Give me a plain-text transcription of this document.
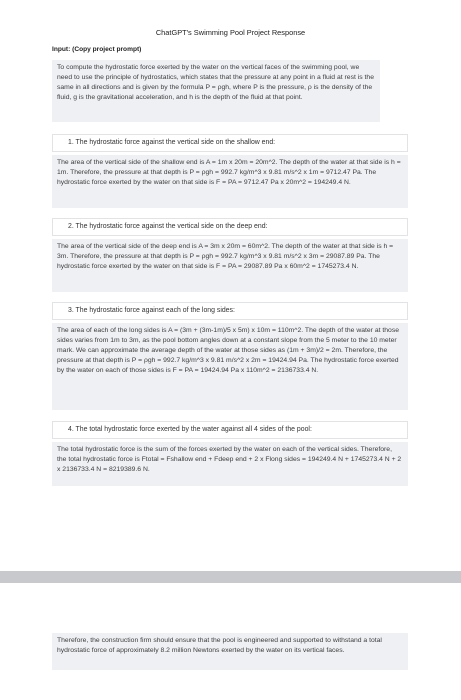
ChatGPT's Swimming Pool Project Response
Input: (Copy project prompt)
To compute the hydrostatic force exerted by the water on the vertical faces of the swimming pool, we need to use the principle of hydrostatics, which states that the pressure at any point in a fluid at rest is the same in all directions and is given by the formula P = ρgh, where P is the pressure, ρ is the density of the fluid, g is the gravitational acceleration, and h is the depth of the fluid at that point.
1. The hydrostatic force against the vertical side on the shallow end:
The area of the vertical side of the shallow end is A = 1m x 20m = 20m^2. The depth of the water at that side is h = 1m. Therefore, the pressure at that depth is P = ρgh = 992.7 kg/m^3 x 9.81 m/s^2 x 1m = 9712.47 Pa. The hydrostatic force exerted by the water on that side is F = PA = 9712.47 Pa x 20m^2 = 194249.4 N.
2. The hydrostatic force against the vertical side on the deep end:
The area of the vertical side of the deep end is A = 3m x 20m = 60m^2. The depth of the water at that side is h = 3m. Therefore, the pressure at that depth is P = ρgh = 992.7 kg/m^3 x 9.81 m/s^2 x 3m = 29087.89 Pa. The hydrostatic force exerted by the water on that side is F = PA = 29087.89 Pa x 60m^2 = 1745273.4 N.
3. The hydrostatic force against each of the long sides:
The area of each of the long sides is A = (3m + (3m-1m)/5 x 5m) x 10m = 110m^2. The depth of the water at those sides varies from 1m to 3m, as the pool bottom angles down at a constant slope from the 5 meter to the 10 meter mark. We can approximate the average depth of the water at those sides as (1m + 3m)/2 = 2m. Therefore, the pressure at that depth is P = ρgh = 992.7 kg/m^3 x 9.81 m/s^2 x 2m = 19424.94 Pa. The hydrostatic force exerted by the water on each of those sides is F = PA = 19424.94 Pa x 110m^2 = 2136733.4 N.
4. The total hydrostatic force exerted by the water against all 4 sides of the pool:
The total hydrostatic force is the sum of the forces exerted by the water on each of the vertical sides. Therefore, the total hydrostatic force is Ftotal = Fshallow end + Fdeep end + 2 x Flong sides = 194249.4 N + 1745273.4 N + 2 x 2136733.4 N = 8219389.6 N.
Therefore, the construction firm should ensure that the pool is engineered and supported to withstand a total hydrostatic force of approximately 8.2 million Newtons exerted by the water on its vertical faces.
